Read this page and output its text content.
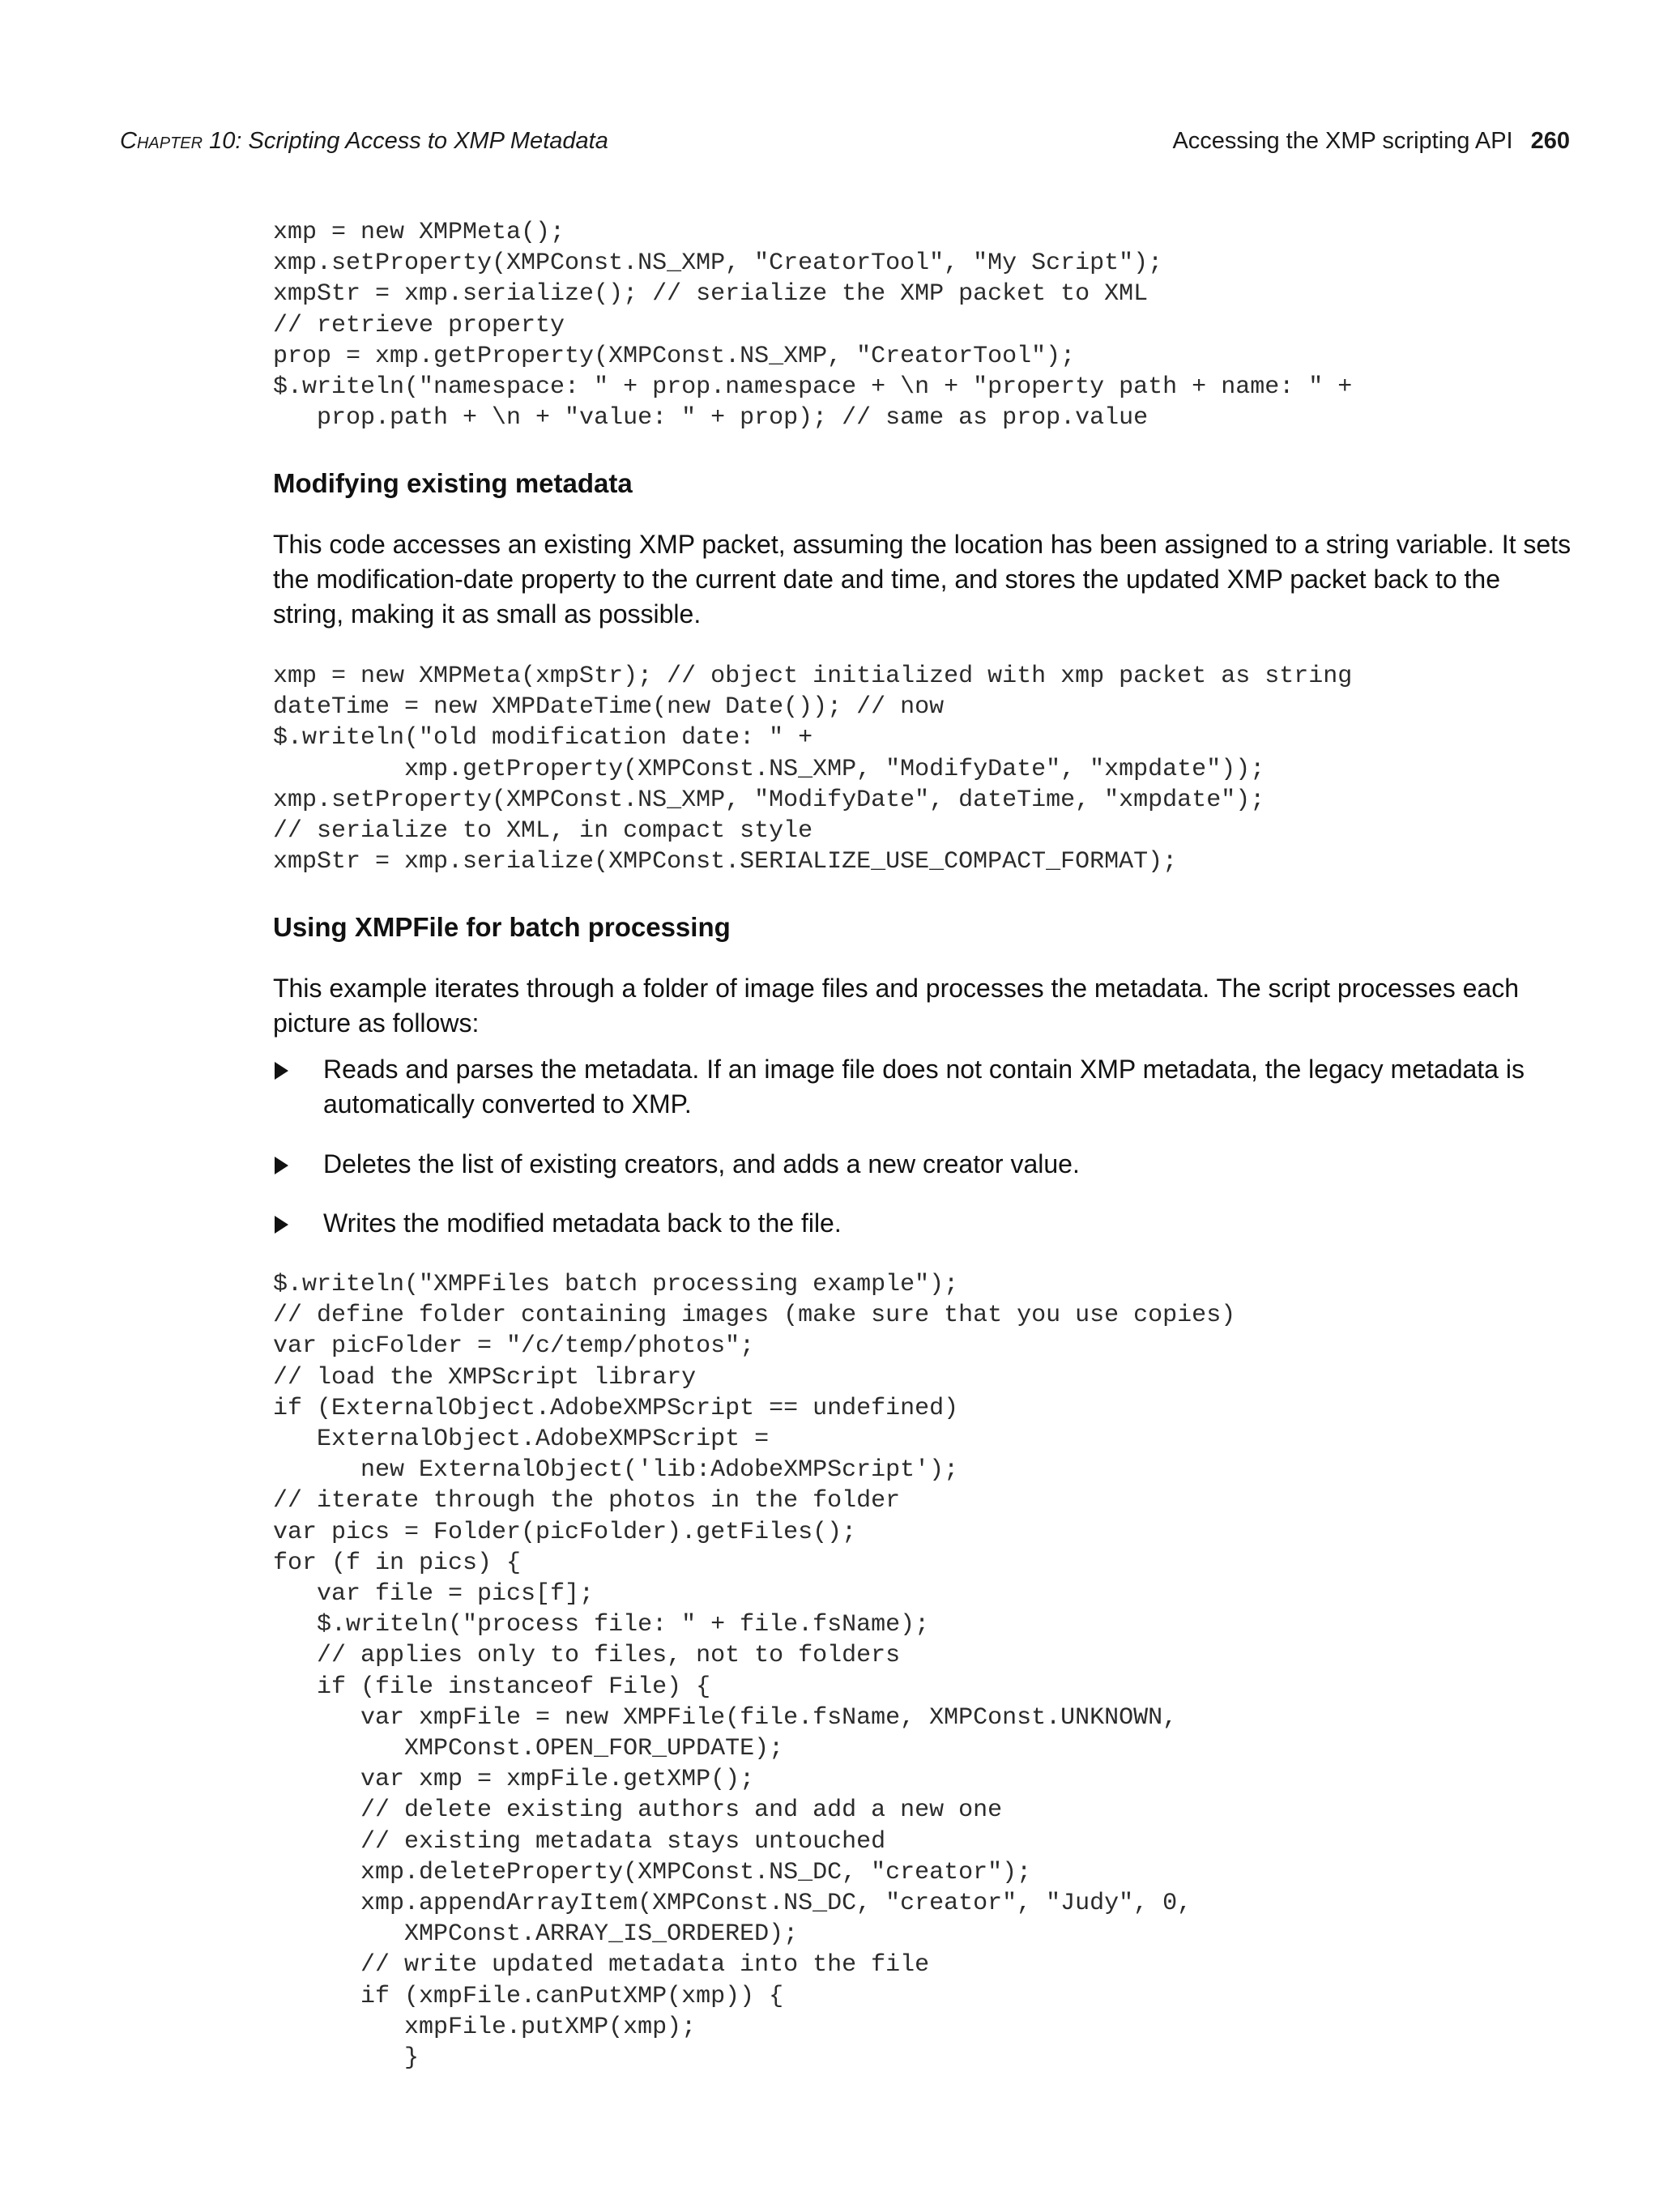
Chapter 10: Scripting Access to XMP Metadata	Accessing the XMP scripting API 260
xmp = new XMPMeta();
xmp.setProperty(XMPConst.NS_XMP, "CreatorTool", "My Script");
xmpStr = xmp.serialize(); // serialize the XMP packet to XML
// retrieve property
prop = xmp.getProperty(XMPConst.NS_XMP, "CreatorTool");
$.writeln("namespace: " + prop.namespace + \n + "property path + name: " +
prop.path + \n + "value: " + prop); // same as prop.value
Modifying existing metadata

This code accesses an existing XMP packet, assuming the location has been assigned to a string variable. It sets the modification-date property to the current date and time, and stores the updated XMP packet back to the string, making it as small as possible.

xmp = new XMPMeta(xmpStr); // object initialized with xmp packet as string
dateTime = new XMPDateTime(new Date()); // now
$.writeln("old modification date: " +
xmp.getProperty(XMPConst.NS_XMP, "ModifyDate", "xmpdate"));
xmp.setProperty(XMPConst.NS_XMP, "ModifyDate", dateTime, "xmpdate");
// serialize to XML, in compact style
xmpStr = xmp.serialize(XMPConst.SERIALIZE_USE_COMPACT_FORMAT);
Using XMPFile for batch processing

This example iterates through a folder of image files and processes the metadata. The script processes each picture as follows:

Reads and parses the metadata. If an image file does not contain XMP metadata, the legacy metadata is automatically converted to XMP.
Deletes the list of existing creators, and adds a new creator value.
Writes the modified metadata back to the file.
$.writeln("XMPFiles batch processing example");
// define folder containing images (make sure that you use copies)
var picFolder = "/c/temp/photos";
// load the XMPScript library
if (ExternalObject.AdobeXMPScript == undefined)
ExternalObject.AdobeXMPScript =
new ExternalObject('lib:AdobeXMPScript');
// iterate through the photos in the folder
var pics = Folder(picFolder).getFiles();
for (f in pics) {
var file = pics[f];
$.writeln("process file: " + file.fsName);
// applies only to files, not to folders
if (file instanceof File) {
var xmpFile = new XMPFile(file.fsName, XMPConst.UNKNOWN,
XMPConst.OPEN_FOR_UPDATE);
var xmp = xmpFile.getXMP();
// delete existing authors and add a new one
// existing metadata stays untouched
xmp.deleteProperty(XMPConst.NS_DC, "creator");
xmp.appendArrayItem(XMPConst.NS_DC, "creator", "Judy", 0,
XMPConst.ARRAY_IS_ORDERED);
// write updated metadata into the file
if (xmpFile.canPutXMP(xmp)) {
xmpFile.putXMP(xmp);
}
